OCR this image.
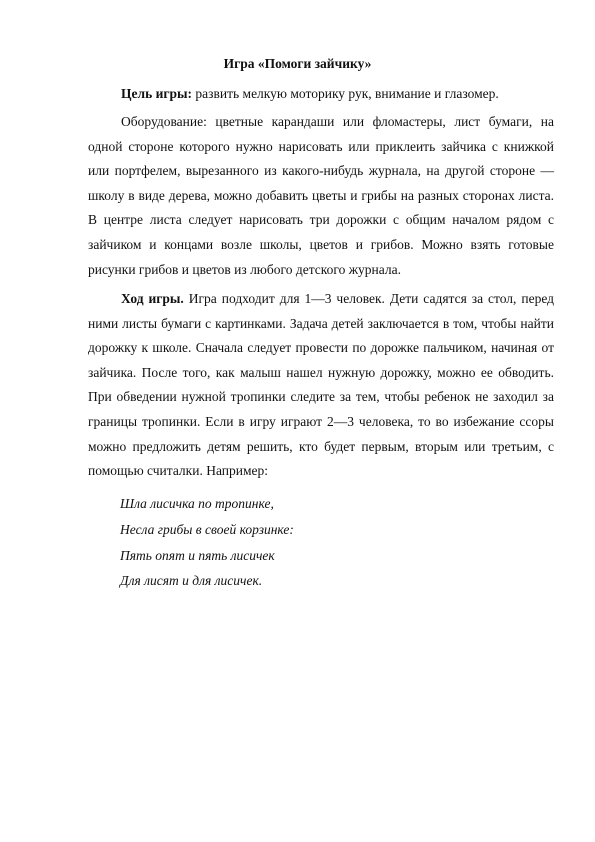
Игра «Помоги зайчику»

Цель игры: развить мелкую моторику рук, внимание и глазомер.

Оборудование: цветные карандаши или фломастеры, лист бумаги, на одной стороне которого нужно нарисовать или приклеить зайчика с книжкой или портфелем, вырезанного из какого-нибудь журнала, на другой стороне — школу в виде дерева, можно добавить цветы и грибы на разных сторонах листа. В центре листа следует нарисовать три дорожки с общим началом рядом с зайчиком и концами возле школы, цветов и грибов. Можно взять готовые рисунки грибов и цветов из любого детского журнала.

Ход игры. Игра подходит для 1—3 человек. Дети садятся за стол, перед ними листы бумаги с картинками. Задача детей заключается в том, чтобы найти дорожку к школе. Сначала следует провести по дорожке пальчиком, начиная от зайчика. После того, как малыш нашел нужную дорожку, можно ее обводить. При обведении нужной тропинки следите за тем, чтобы ребенок не заходил за границы тропинки. Если в игру играют 2—3 человека, то во избежание ссоры можно предложить детям решить, кто будет первым, вторым или третьим, с помощью считалки. Например:

Шла лисичка по тропинке,
Несла грибы в своей корзинке:
Пять опят и пять лисичек
Для лисят и для лисичек.
